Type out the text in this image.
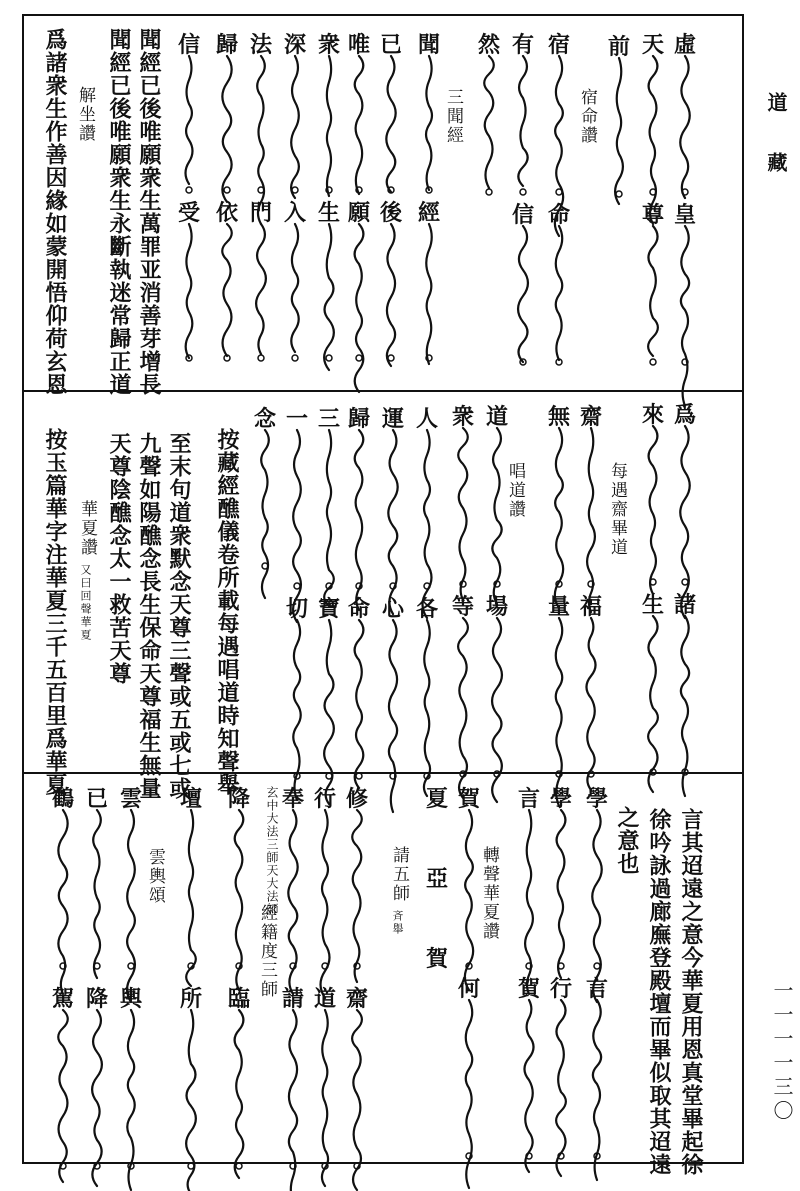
道藏
一一一一三〇
宿命讚
三聞經
聞經已後唯願衆生萬罪亚消善芽增長
聞經已後唯願衆生永斷執迷常歸正道
解坐讚
爲諸衆生作善因緣如蒙開悟仰荷玄恩
每遇齋畢道
唱道讚
按藏經醮儀卷所載每遇唱道時知聲舉
至末句道衆默念天尊三聲或五或七或
九聲如陽醮念長生保命天尊福生無量
天尊陰醮念太一救苦天尊
華夏讚
又曰回聲華夏
按玉篇華字注華夏三千五百里爲華夏
言其迢遠之意今華夏用恩真堂畢起徐
徐吟詠過廊廡登殿壇而畢似取其迢遠
之意也
轉聲華夏讚
請五師
斉舉
玄中大法三師天大法師
經籍度三師
雲輿頌
虛
皇
天
尊
前
宿
命
有
信
然
聞
經
已
後
唯
願
衆
生
深
入
法
門
歸
依
信
受
爲
諸
來
生
齋
福
無
量
道
場
衆
等
人
各
運
心
歸
命
三
寶
一
切
念
學
言
學
行
言
賀
賀
何
夏
亞
賀
修
齋
行
道
奉
請
降
臨
壇
所
雲
輿
已
降
鶴
駕
